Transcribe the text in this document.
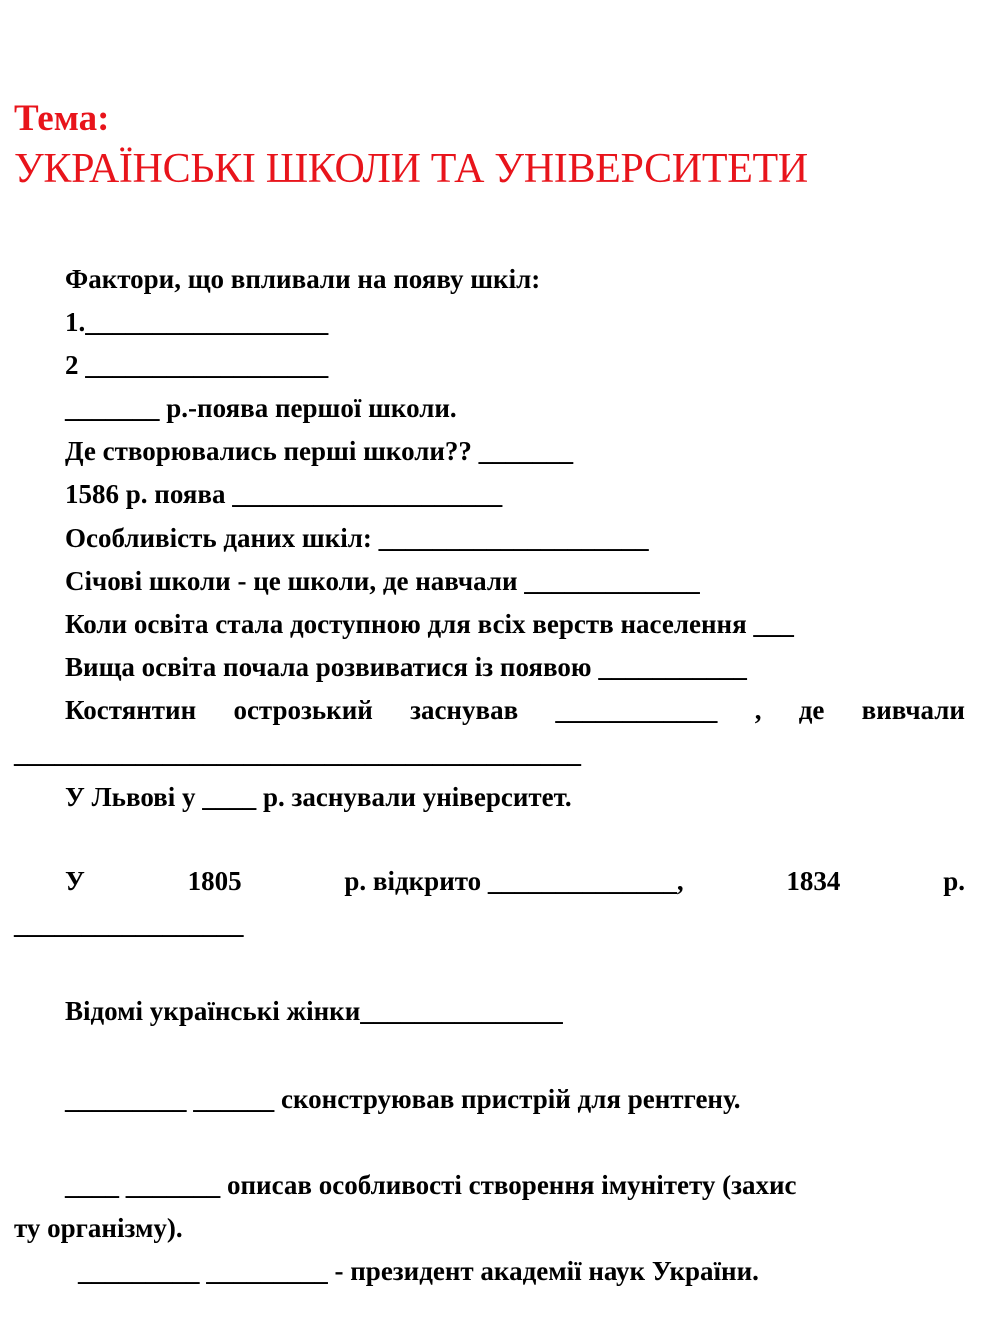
Тема:
УКРАЇНСЬКІ ШКОЛИ ТА УНІВЕРСИТЕТИ

Фактори, що впливали на появу шкіл:

1.__________________

2 __________________

_______ р.-поява першої школи.

Де створювались перші школи?? _______

1586 р. поява ____________________

Особливість даних шкіл: ____________________

Січові школи - це школи, де навчали _____________

Коли освіта стала доступною для всіх верств населення ___

Вища освіта почала розвиватися із появою ___________

Костянтин острозький заснував ____________ , де вивчали

__________________________________________

У Львові у ____ р. заснували університет.

У	1805	р. відкрито ______________,	1834	р.

_________________

Відомі українські жінки_______________

_________ ______ сконструював пристрій для рентгену.

____ _______ описав особливості створення імунітету (захис

ту організму).

_________ _________ - президент академії наук України.
